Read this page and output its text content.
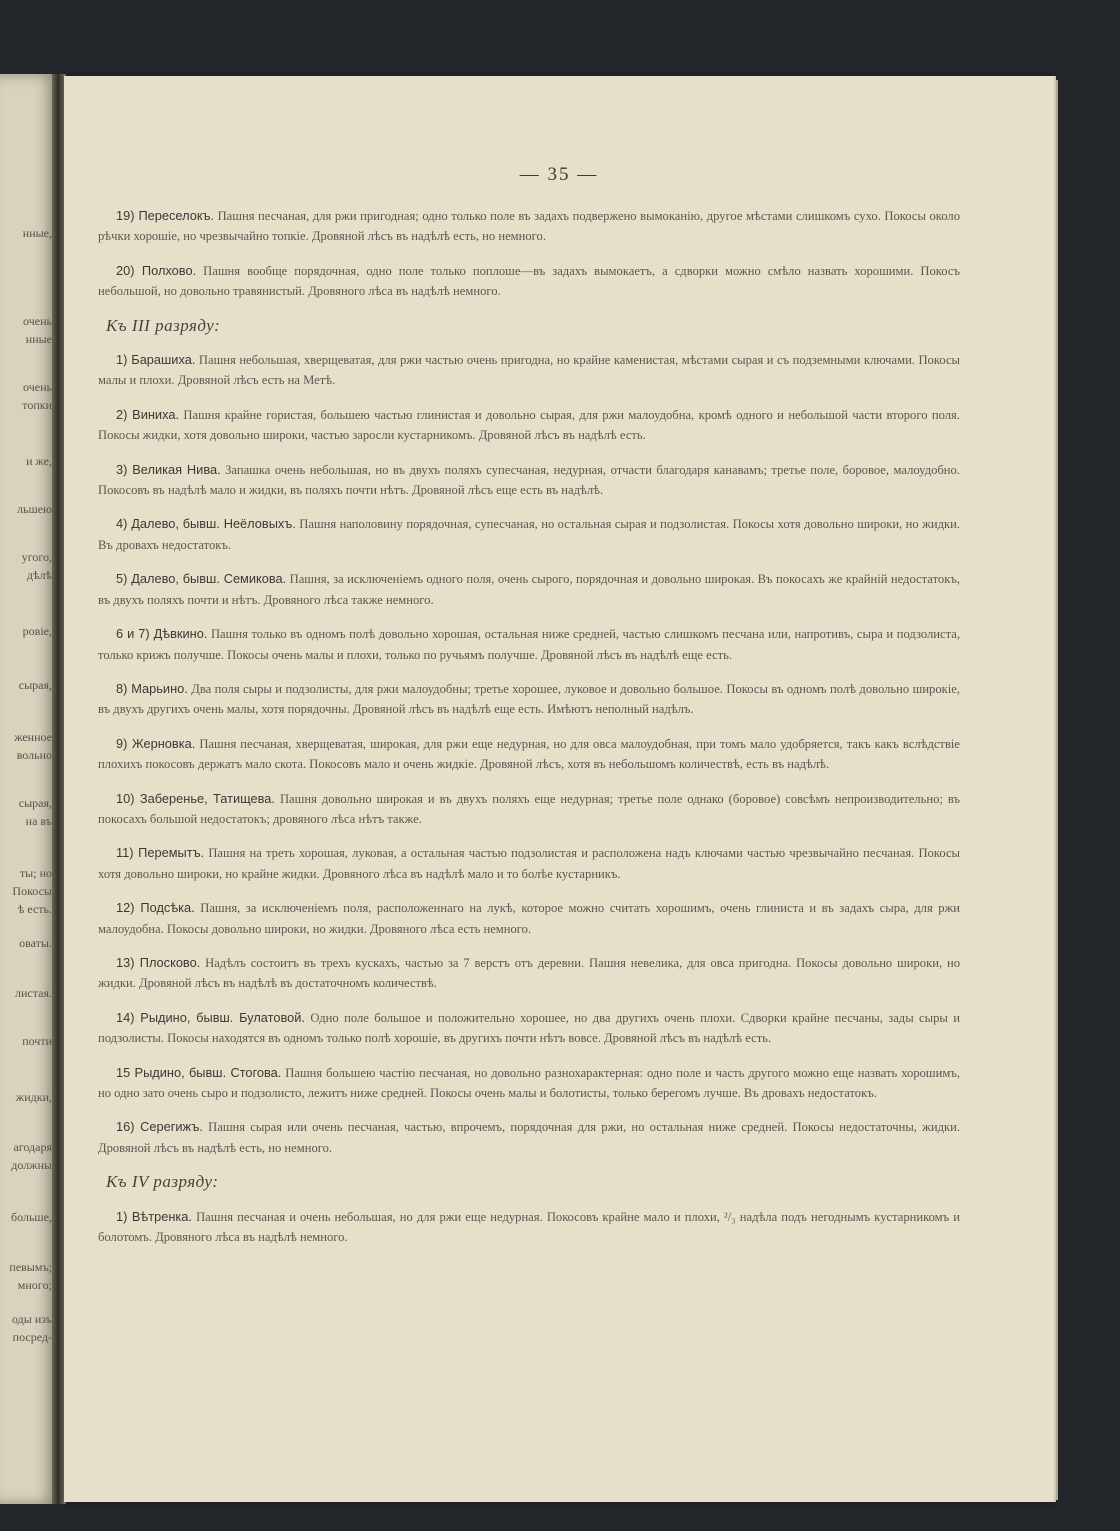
нные,
очень
нные
очень
топки
и же,
льшею
угого,
дѣлѣ
ровіе,
сырая,
женное
вольно
сырая,
на въ
ты; но
Покосы
ѣ есть.
оваты.
листая.
почти
жидки,
агодаря
должны
больше,
певымъ;
многo;
оды изъ
посред-
— 35 —

19) Переселокъ. Пашня песчаная, для ржи пригодная; одно только поле въ задахъ подвержено вымоканію, другое мѣстами слишкомъ сухо. Покосы около рѣчки хорошіе, но чрезвычайно топкіе. Дровяной лѣсъ въ надѣлѣ есть, но немного.

20) Полхово. Пашня вообще порядочная, одно поле только поплоше—въ задахъ вымокаетъ, а сдворки можно смѣло назвать хорошими. Покосъ небольшой, но довольно травянистый. Дровяного лѣса въ надѣлѣ немного.

Къ III разряду:

1) Барашиха. Пашня небольшая, хверщеватая, для ржи частью очень пригодна, но крайне каменистая, мѣстами сырая и съ подземными ключами. Покосы малы и плохи. Дровяной лѣсъ есть на Метѣ.

2) Виниха. Пашня крайне гористая, большею частью глинистая и довольно сырая, для ржи малоудобна, кромѣ одного и небольшой части второго поля. Покосы жидки, хотя довольно широки, частью заросли кустарникомъ. Дровяной лѣсъ въ надѣлѣ есть.

3) Великая Нива. Запашка очень небольшая, но въ двухъ поляхъ супесчаная, недурная, отчасти благодаря канавамъ; третье поле, боровое, малоудобно. Покосовъ въ надѣлѣ мало и жидки, въ поляхъ почти нѣтъ. Дровяной лѣсъ еще есть въ надѣлѣ.

4) Далево, бывш. Неёловыхъ. Пашня наполовину порядочная, супесчаная, но остальная сырая и подзолистая. Покосы хотя довольно широки, но жидки. Въ дровахъ недостатокъ.

5) Далево, бывш. Семикова. Пашня, за исключеніемъ одного поля, очень сырого, порядочная и довольно широкая. Въ покосахъ же крайній недостатокъ, въ двухъ поляхъ почти и нѣтъ. Дровяного лѣса также немного.

6 и 7) Дѣвкино. Пашня только въ одномъ полѣ довольно хорошая, остальная ниже средней, частью слишкомъ песчана или, напротивъ, сыра и подзолиста, только крижъ получше. Покосы очень малы и плохи, только по ручьямъ получше. Дровяной лѣсъ въ надѣлѣ еще есть.

8) Марьино. Два поля сыры и подзолисты, для ржи малоудобны; третье хорошее, луковое и довольно большое. Покосы въ одномъ полѣ довольно широкіе, въ двухъ другихъ очень малы, хотя порядочны. Дровяной лѣсъ въ надѣлѣ еще есть. Имѣютъ неполный надѣлъ.

9) Жерновка. Пашня песчаная, хверщеватая, широкая, для ржи еще недурная, но для овса малоудобная, при томъ мало удобряется, такъ какъ вслѣдствіе плохихъ покосовъ держатъ мало скота. Покосовъ мало и очень жидкіе. Дровяной лѣсъ, хотя въ небольшомъ количествѣ, есть въ надѣлѣ.

10) Заберенье, Татищева. Пашня довольно широкая и въ двухъ поляхъ еще недурная; третье поле однако (боровое) совсѣмъ непроизводительно; въ покосахъ большой недостатокъ; дровяного лѣса нѣтъ также.

11) Перемытъ. Пашня на треть хорошая, луковая, а остальная частью подзолистая и расположена надъ ключами частью чрезвычайно песчаная. Покосы хотя довольно широки, но крайне жидки. Дровяного лѣса въ надѣлѣ мало и то болѣе кустарникъ.

12) Подсѣка. Пашня, за исключеніемъ поля, расположеннаго на лукѣ, которое можно считать хорошимъ, очень глиниста и въ задахъ сыра, для ржи малоудобна. Покосы довольно широки, но жидки. Дровяного лѣса есть немного.

13) Плосково. Надѣлъ состоитъ въ трехъ кускахъ, частью за 7 верстъ отъ деревни. Пашня невелика, для овса пригодна. Покосы довольно широки, но жидки. Дровяной лѣсъ въ надѣлѣ въ достаточномъ количествѣ.

14) Рыдино, бывш. Булатовой. Одно поле большое и положительно хорошее, но два другихъ очень плохи. Сдворки крайне песчаны, зады сыры и подзолисты. Покосы находятся въ одномъ только полѣ хорошіе, въ другихъ почти нѣтъ вовсе. Дровяной лѣсъ въ надѣлѣ есть.

15 Рыдино, бывш. Стогова. Пашня большею частію песчаная, но довольно разнохарактерная: одно поле и часть другого можно еще назвать хорошимъ, но одно зато очень сыро и подзолисто, лежитъ ниже средней. Покосы очень малы и болотисты, только берегомъ лучше. Въ дровахъ недостатокъ.

16) Серегижъ. Пашня сырая или очень песчаная, частью, впрочемъ, порядочная для ржи, но остальная ниже средней. Покосы недостаточны, жидки. Дровяной лѣсъ въ надѣлѣ есть, но немного.

Къ IV разряду:

1) Вѣтренка. Пашня песчаная и очень небольшая, но для ржи еще недурная. Покосовъ крайне мало и плохи, ²/₃ надѣла подъ негоднымъ кустарникомъ и болотомъ. Дровяного лѣса въ надѣлѣ немного.
